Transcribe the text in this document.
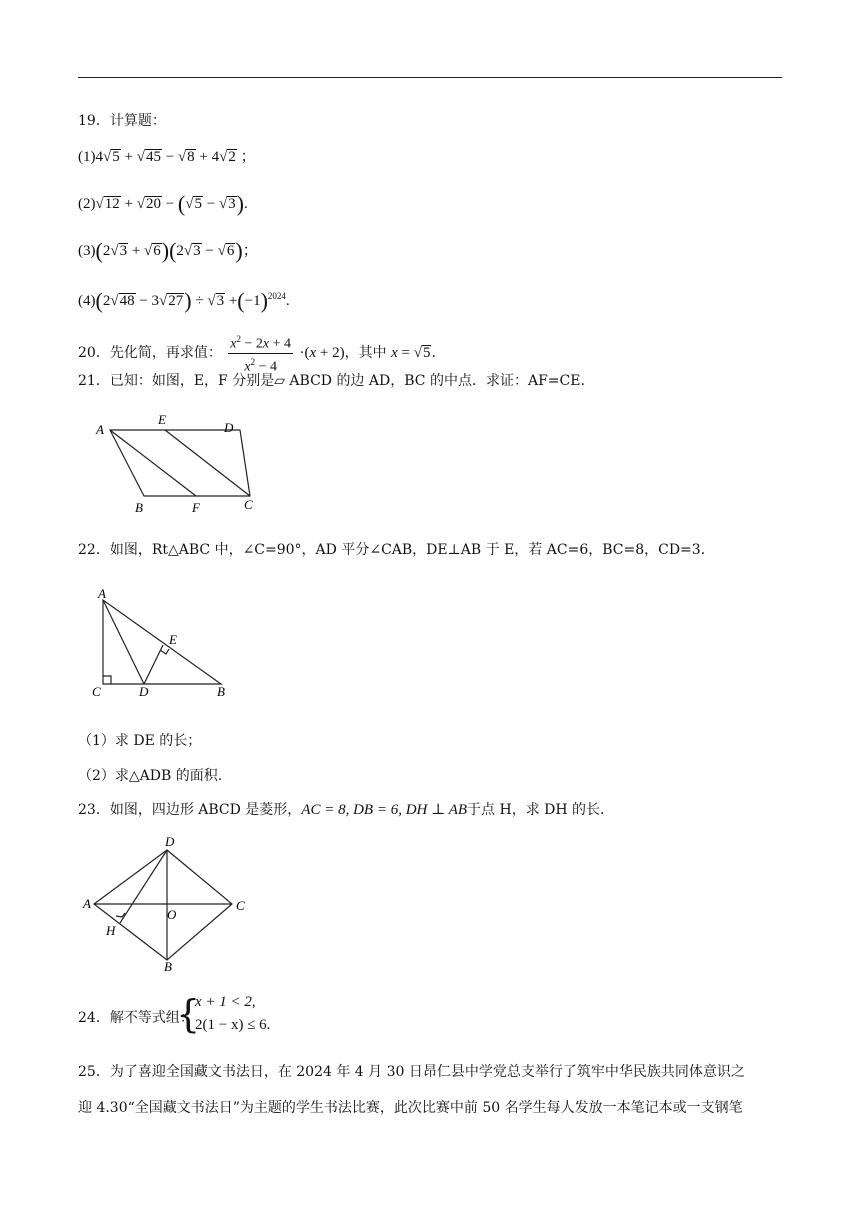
19．计算题：
(1)4√5 + √45 − √8 + 4√2 ；
(2)√12 + √20 − (√5 − √3).
(3)(2√3 + √6)(2√3 − √6)；
$(4)(2√48 - 3√27) \div √3 +(-1)^{2024}$.
20．先化简，再求值： $\frac{x^2 - 2x + 4}{x^2 - 4} \cdot(x + 2)$，其中 x = √5.
21．已知：如图，E，F 分别是▱ ABCD 的边 AD，BC 的中点．求证：AF=CE.
A
E
D
B	F	C
22．如图，Rt△ABC 中，∠C=90°，AD 平分∠CAB，DE⊥AB 于 E，若 AC=6，BC=8，CD=3.
A
E
C	D	B
（1）求 DE 的长；
（2）求△ADB 的面积.
23．如图，四边形 ABCD 是菱形，AC = 8, DB = 6, DH ⊥ AB于点 H，求 DH 的长.
D
A
O
C
H
B
24．解不等式组：
{
x + 1 < 2,
2(1 − x) ≤ 6.
25．为了喜迎全国藏文书法日，在 2024 年 4 月 30 日昂仁县中学党总支举行了筑牢中华民族共同体意识之
迎 4.30“全国藏文书法日”为主题的学生书法比赛，此次比赛中前 50 名学生每人发放一本笔记本或一支钢笔
